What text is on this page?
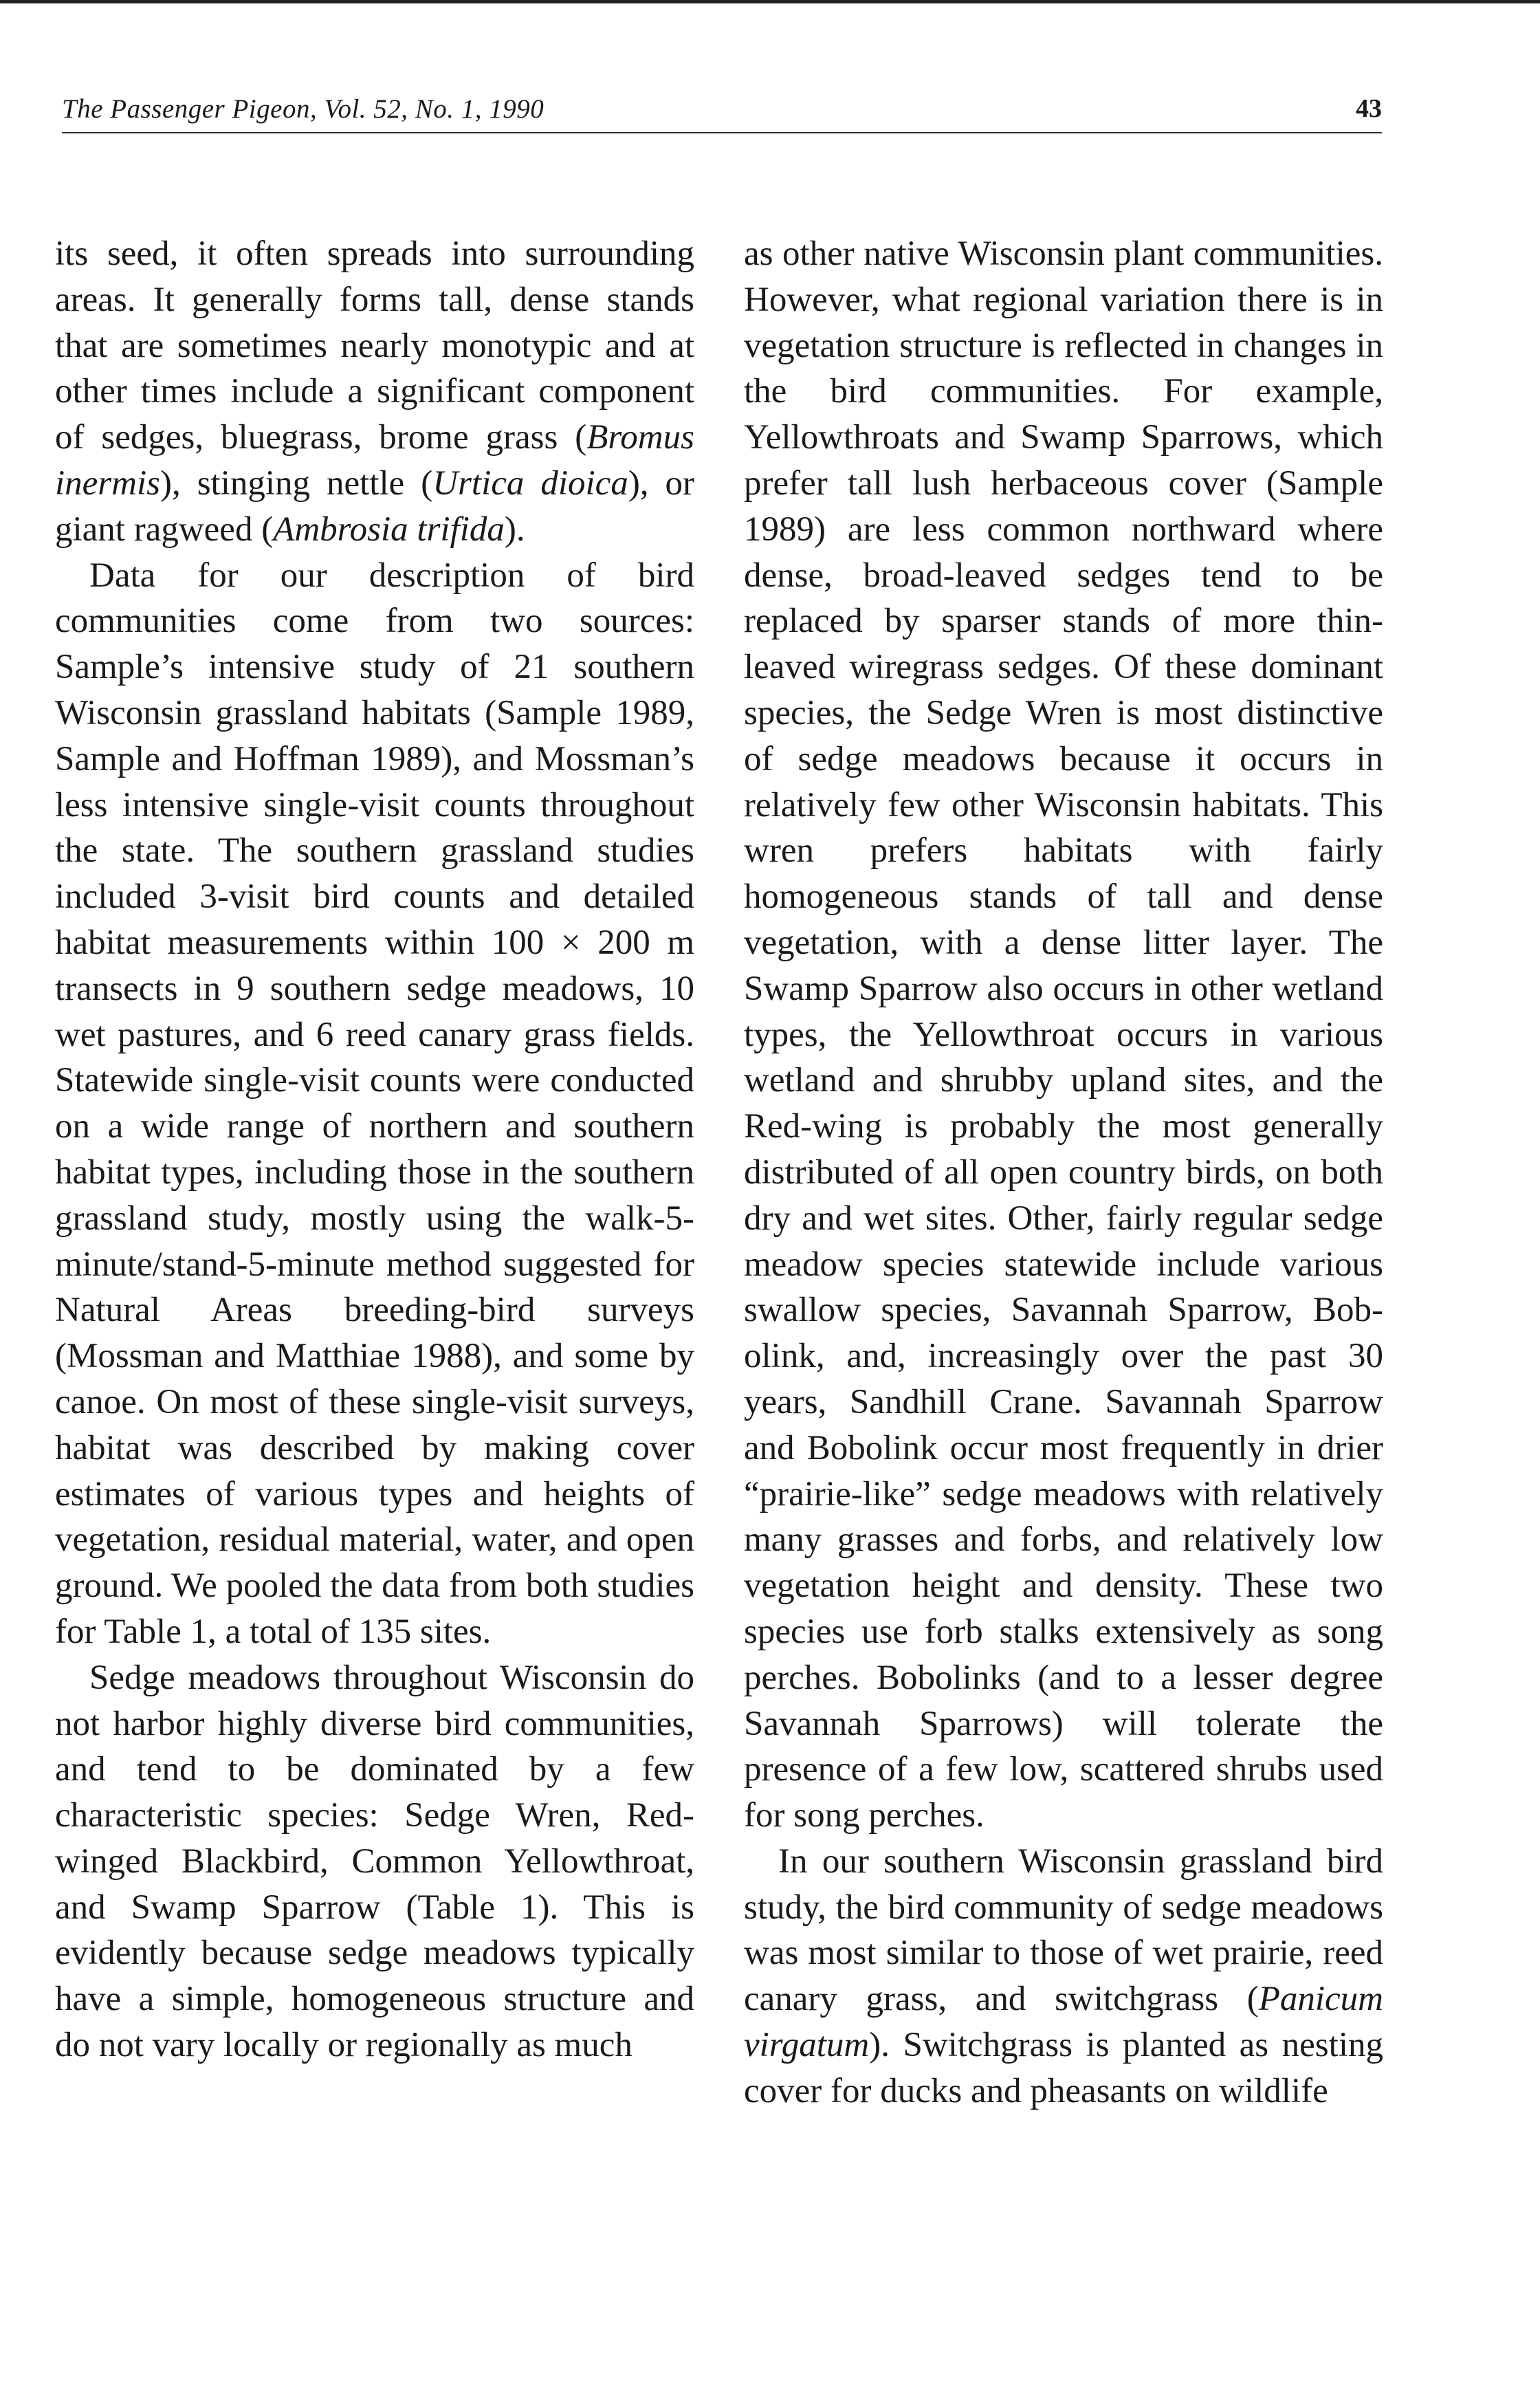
The Passenger Pigeon, Vol. 52, No. 1, 1990	43

its seed, it often spreads into surrounding areas. It generally forms tall, dense stands that are sometimes nearly monotypic and at other times include a significant component of sedges, bluegrass, brome grass (Bromus inermis), stinging nettle (Urtica dioica), or giant ragweed (Ambrosia trifida).

Data for our description of bird communities come from two sources: Sample’s intensive study of 21 southern Wisconsin grassland habitats (Sample 1989, Sample and Hoffman 1989), and Mossman’s less intensive single-visit counts throughout the state. The southern grassland studies included 3-visit bird counts and detailed habitat measurements within 100 × 200 m transects in 9 southern sedge meadows, 10 wet pastures, and 6 reed canary grass fields. Statewide single-visit counts were conducted on a wide range of northern and southern habitat types, including those in the southern grassland study, mostly using the walk-5-minute/stand-5-minute method suggested for Natural Areas breeding-bird surveys (Mossman and Matthiae 1988), and some by canoe. On most of these single-visit surveys, habitat was described by making cover estimates of various types and heights of vegetation, residual material, water, and open ground. We pooled the data from both studies for Table 1, a total of 135 sites.

Sedge meadows throughout Wisconsin do not harbor highly diverse bird communities, and tend to be dominated by a few characteristic species: Sedge Wren, Red-winged Blackbird, Common Yellowthroat, and Swamp Sparrow (Table 1). This is evidently because sedge meadows typically have a simple, homogeneous structure and do not vary locally or regionally as much

as other native Wisconsin plant communities. However, what regional variation there is in vegetation structure is reflected in changes in the bird communities. For example, Yellowthroats and Swamp Sparrows, which prefer tall lush herbaceous cover (Sample 1989) are less common northward where dense, broad-leaved sedges tend to be replaced by sparser stands of more thin-leaved wiregrass sedges. Of these dominant species, the Sedge Wren is most distinctive of sedge meadows because it occurs in relatively few other Wisconsin habitats. This wren prefers habitats with fairly homogeneous stands of tall and dense vegetation, with a dense litter layer. The Swamp Sparrow also occurs in other wetland types, the Yellowthroat occurs in various wetland and shrubby upland sites, and the Red-wing is probably the most generally distributed of all open country birds, on both dry and wet sites. Other, fairly regular sedge meadow species statewide include various swallow species, Savannah Sparrow, Bobolink, and, increasingly over the past 30 years, Sandhill Crane. Savannah Sparrow and Bobolink occur most frequently in drier “prairie-like” sedge meadows with relatively many grasses and forbs, and relatively low vegetation height and density. These two species use forb stalks extensively as song perches. Bobolinks (and to a lesser degree Savannah Sparrows) will tolerate the presence of a few low, scattered shrubs used for song perches.

In our southern Wisconsin grassland bird study, the bird community of sedge meadows was most similar to those of wet prairie, reed canary grass, and switchgrass (Panicum virgatum). Switchgrass is planted as nesting cover for ducks and pheasants on wildlife
